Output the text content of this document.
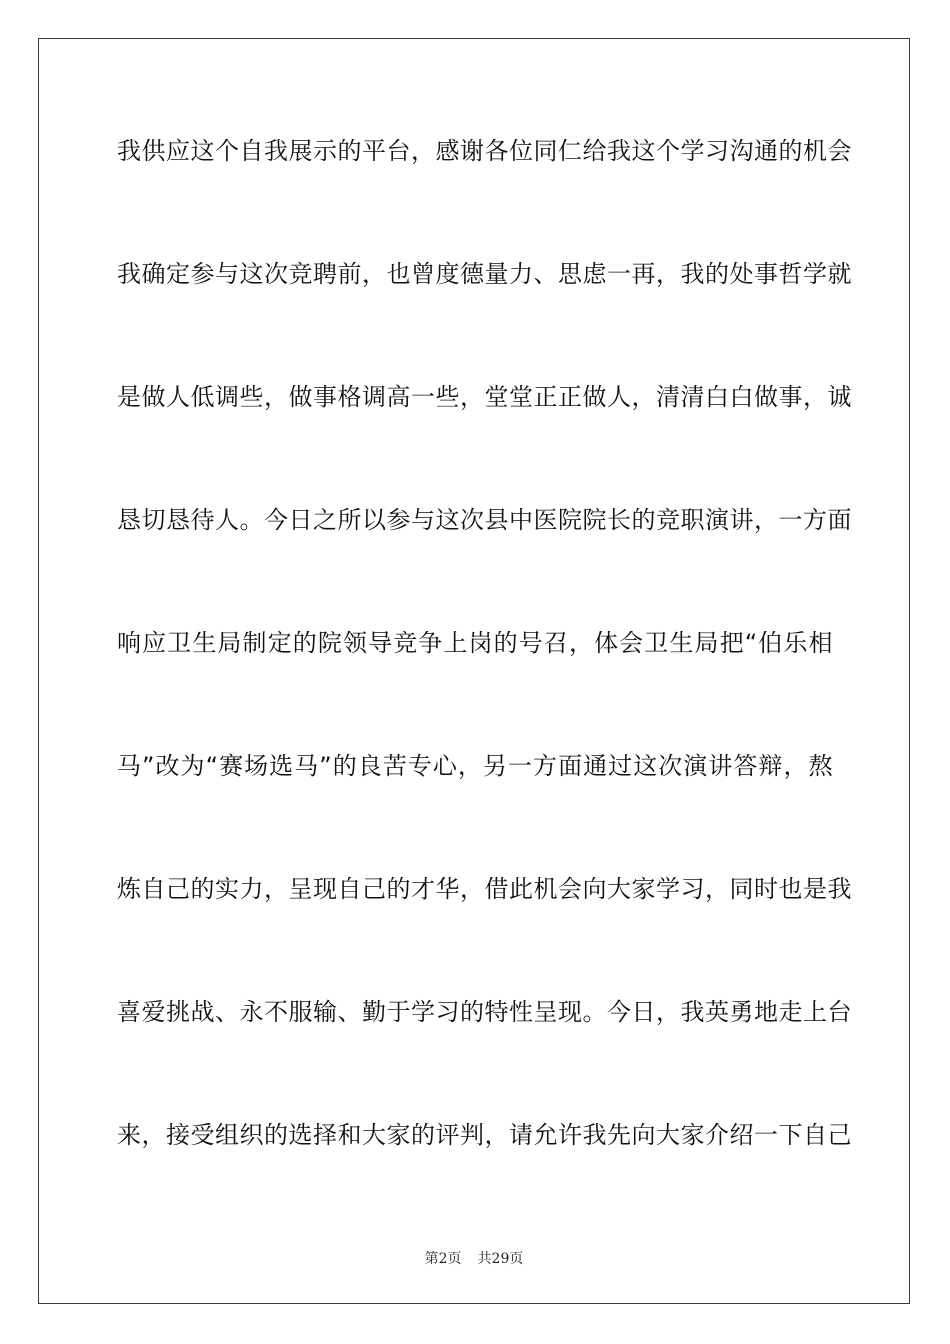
我供应这个自我展示的平台，感谢各位同仁给我这个学习沟通的机会
我确定参与这次竞聘前，也曾度德量力、思虑一再，我的处事哲学就
是做人低调些，做事格调高一些，堂堂正正做人，清清白白做事，诚
恳切恳待人。今日之所以参与这次县中医院院长的竞职演讲，一方面
响应卫生局制定的院领导竞争上岗的号召，体会卫生局把“伯乐相
马”改为“赛场选马”的良苦专心，另一方面通过这次演讲答辩，熬
炼自己的实力，呈现自己的才华，借此机会向大家学习，同时也是我
喜爱挑战、永不服输、勤于学习的特性呈现。今日，我英勇地走上台
来，接受组织的选择和大家的评判，请允许我先向大家介绍一下自己
第2页 共29页
